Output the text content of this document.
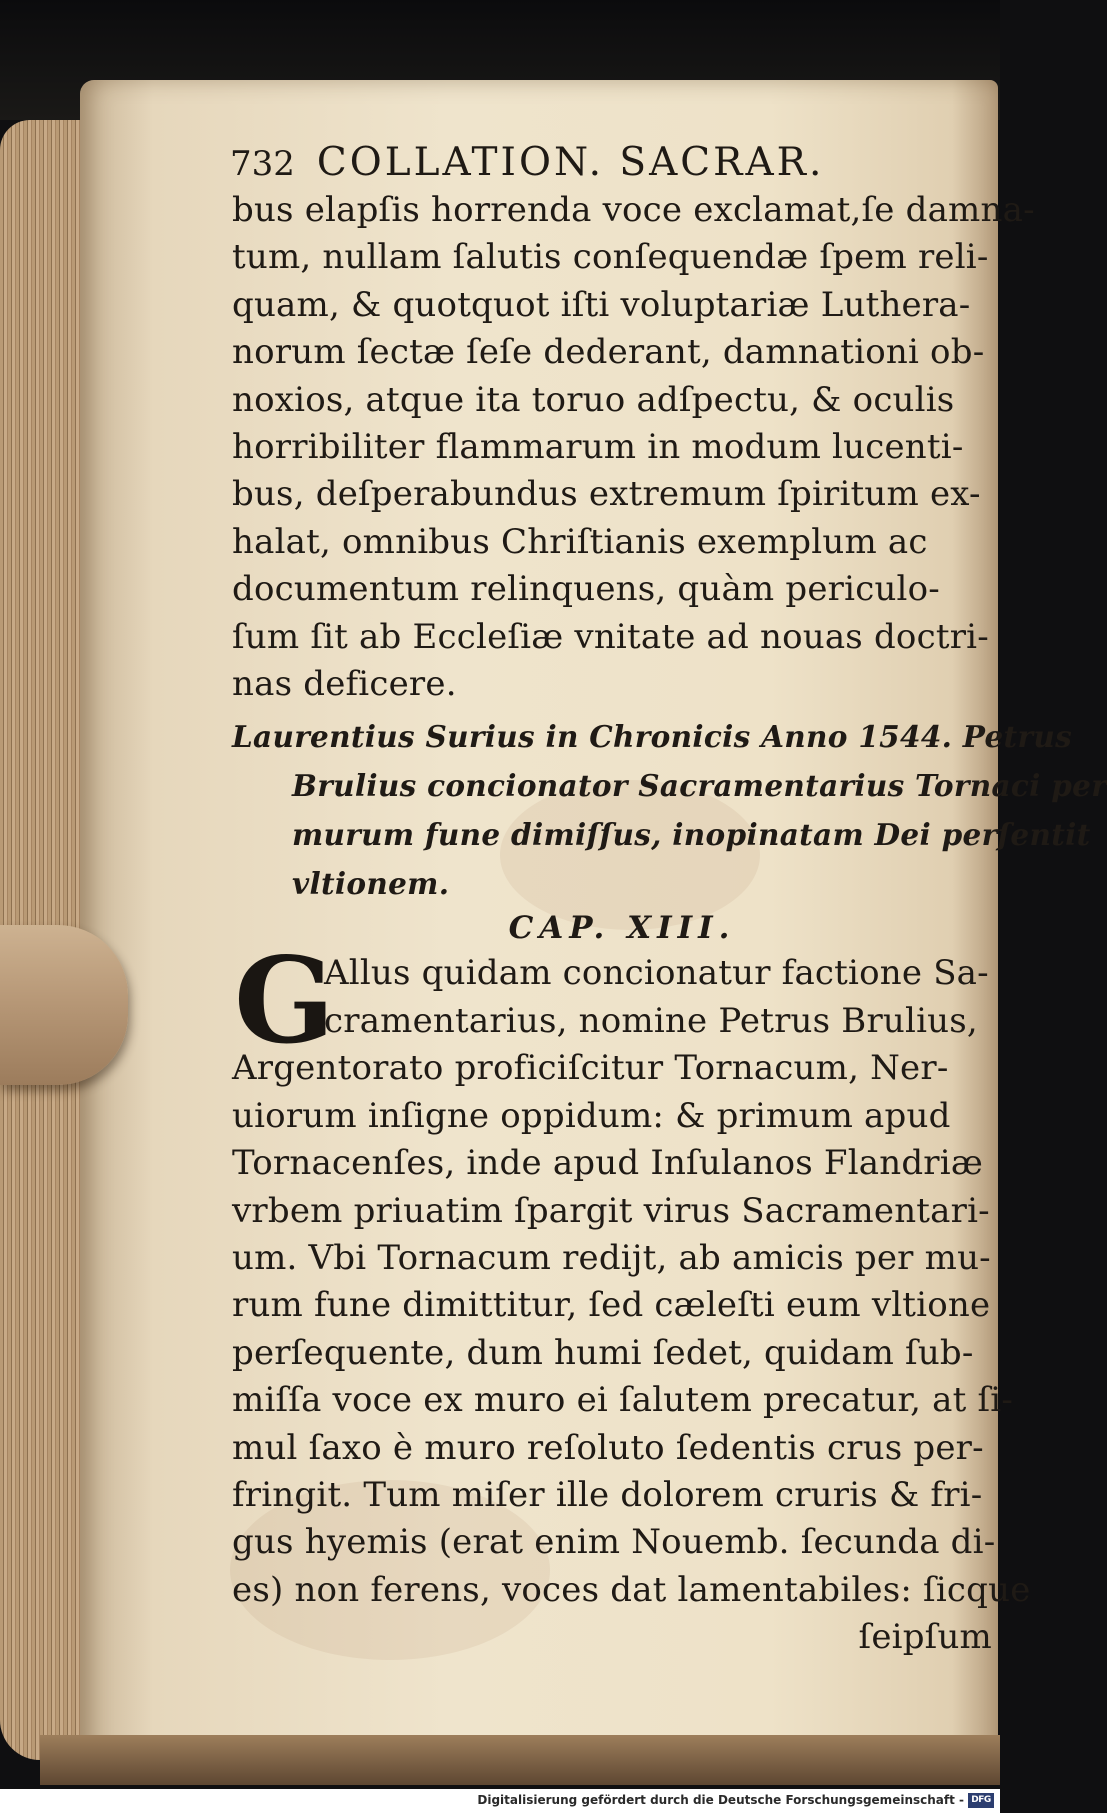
732 COLLATION. SACRAR.
bus elapſis horrenda voce exclamat,ſe damna-
tum, nullam ſalutis conſequendæ ſpem reli-
quam, & quotquot iſti voluptariæ Luthera-
norum ſectæ ſeſe dederant, damnationi ob-
noxios, atque ita toruo adſpectu, & oculis
horribiliter flammarum in modum lucenti-
bus, deſperabundus extremum ſpiritum ex-
halat, omnibus Chriſtianis exemplum ac
documentum relinquens, quàm periculo-
ſum ſit ab Eccleſiæ vnitate ad nouas doctri-
nas deficere.
Laurentius Surius in Chronicis Anno 1544. Petrus
Brulius concionator Sacramentarius Tornaci per
murum fune dimiſſus, inopinatam Dei perſentit
vltionem.
CAP. XIII.
G
Allus quidam concionatur factione Sa-
cramentarius, nomine Petrus Brulius,
Argentorato proficiſcitur Tornacum, Ner-
uiorum inſigne oppidum: & primum apud
Tornacenſes, inde apud Inſulanos Flandriæ
vrbem priuatim ſpargit virus Sacramentari-
um. Vbi Tornacum redijt, ab amicis per mu-
rum fune dimittitur, ſed cæleſti eum vltione
perſequente, dum humi ſedet, quidam ſub-
miſſa voce ex muro ei ſalutem precatur, at ſi-
mul ſaxo è muro reſoluto ſedentis crus per-
fringit. Tum miſer ille dolorem cruris & fri-
gus hyemis (erat enim Nouemb. ſecunda di-
es) non ferens, voces dat lamentabiles: ſicque
ſeipſum
Digitalisierung gefördert durch die Deutsche Forschungsgemeinschaft - DFG
